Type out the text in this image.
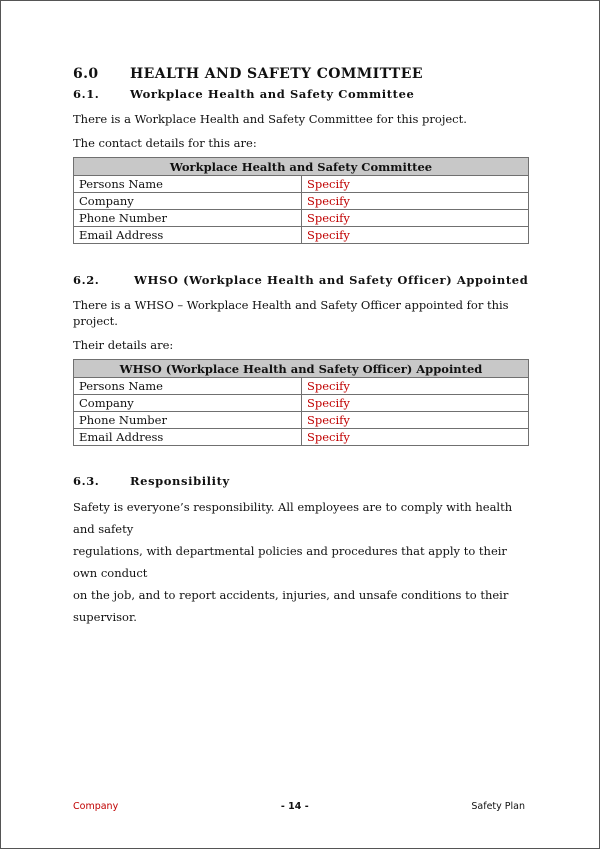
6.0	HEALTH AND SAFETY COMMITTEE
6.1.	Workplace Health and Safety Committee

There is a Workplace Health and Safety Committee for this project.

The contact details for this are:

Workplace Health and Safety Committee	
Persons Name	Specify
Company	Specify
Phone Number	Specify
Email Address	Specify
6.2.	WHSO (Workplace Health and Safety Officer) Appointed

There is a WHSO – Workplace Health and Safety Officer appointed for this project.

Their details are:

WHSO (Workplace Health and Safety Officer) Appointed	
Persons Name	Specify
Company	Specify
Phone Number	Specify
Email Address	Specify
6.3.	Responsibility

Safety is everyone’s responsibility. All employees are to comply with health and safety

regulations, with departmental policies and procedures that apply to their own conduct

on the job, and to report accidents, injuries, and unsafe conditions to their supervisor.

Company	- 14 -	Safety Plan
